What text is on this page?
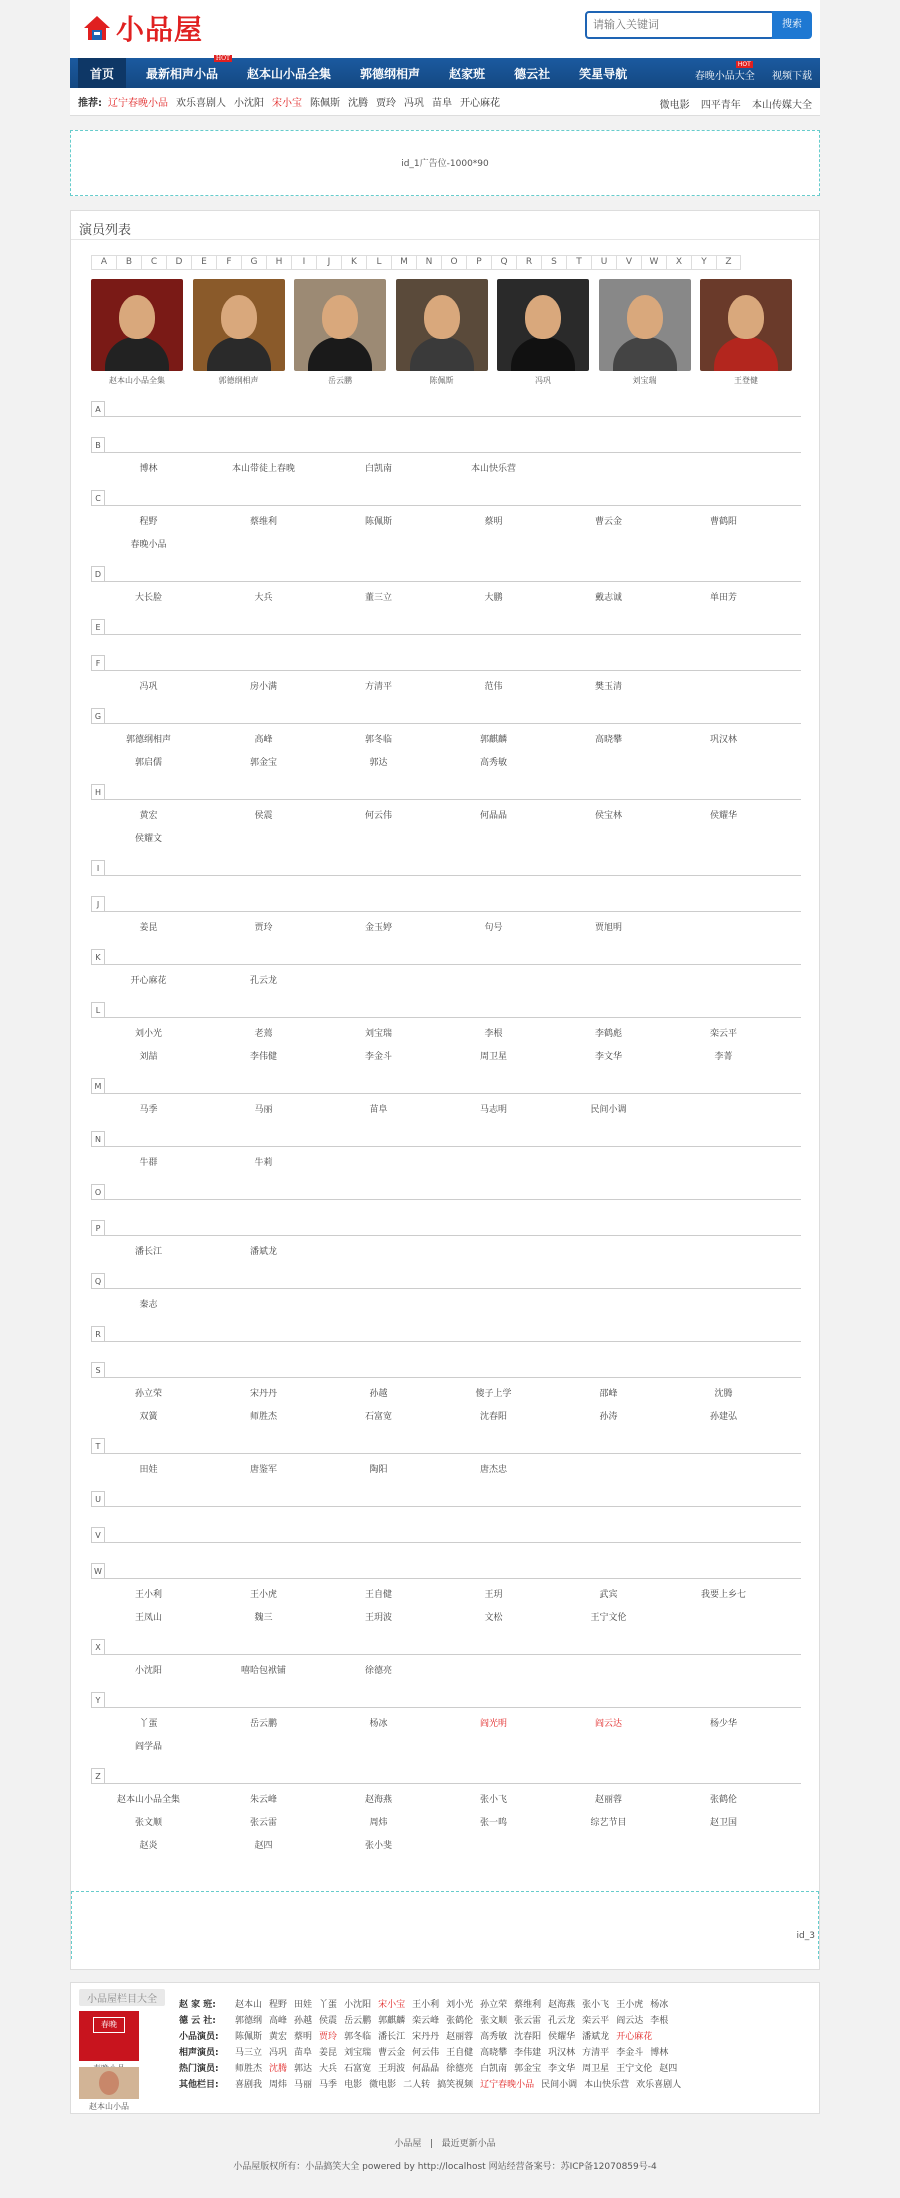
小品屋
请输入关键词	搜索
首页	最新相声小品
HOT
赵本山小品全集 郭德纲相声 赵家班 德云社 笑星导航	春晚小品大全
HOT
视频下载
推荐: 辽宁春晚小品 欢乐喜剧人 小沈阳 宋小宝 陈佩斯 沈腾 贾玲 冯巩 苗阜 开心麻花	微电影 四平青年 本山传媒大全
id_1广告位-1000*90
演员列表
A	B	C	D	E	F	G	H	I	J	K	L	M	N	O	P	Q	R	S	T	U	V	W	X	Y	Z
赵本山小品全集	郭德纲相声	岳云鹏	陈佩斯	冯巩	刘宝瑞	王登健
A
B
博林	本山带徒上春晚	白凯南	本山快乐营
C
程野	蔡维利	陈佩斯	蔡明	曹云金	曹鹤阳
春晚小品
D
大长脸	大兵	董三立	大鹏	戴志诚	单田芳
E
F
冯巩	房小满	方清平	范伟	樊玉清
G
郭德纲相声	高峰	郭冬临	郭麒麟	高晓攀	巩汉林
郭启儒	郭金宝	郭达	高秀敏
H
黄宏	侯震	何云伟	何晶晶	侯宝林	侯耀华
侯耀文
I
J
姜昆	贾玲	金玉婷	句号	贾旭明
K
开心麻花	孔云龙
L
刘小光	老蔫	刘宝瑞	李根	李鹤彪	栾云平
刘喆	李伟健	李金斗	周卫星	李文华	李菁
M
马季	马丽	苗阜	马志明	民间小调
N
牛群	牛莉
O
P
潘长江	潘斌龙
Q
秦志
R
S
孙立荣	宋丹丹	孙越	傻子上学	邵峰	沈腾
双簧	师胜杰	石富宽	沈春阳	孙涛	孙建弘
T
田娃	唐鉴军	陶阳	唐杰忠
U
V
W
王小利	王小虎	王自健	王玥	武宾	我要上乡七
王凤山	魏三	王玥波	文松	王宁文伦
X
小沈阳	嘻哈包袱铺	徐德亮
Y
丫蛋	岳云鹏	杨冰	阎光明	阎云达	杨少华
阎学晶
Z
赵本山小品全集	朱云峰	赵海燕	张小飞	赵丽蓉	张鹤伦
张文顺	张云雷	周炜	张一鸣	综艺节目	赵卫国
赵炎	赵四	张小斐
id_3
小品屋栏目大全
春晚
赵本山小品
赵 家 班:	赵本山 程野 田娃 丫蛋 小沈阳 宋小宝 王小利 刘小光 孙立荣 蔡维利 赵海燕 张小飞 王小虎 杨冰
德 云 社:	郭德纲 高峰 孙越 侯震 岳云鹏 郭麒麟 栾云峰 张鹤伦 张文顺 张云雷 孔云龙 栾云平 阎云达 李根
小品演员:	陈佩斯 黄宏 蔡明 贾玲 郭冬临 潘长江 宋丹丹 赵丽蓉 高秀敏 沈春阳 侯耀华 潘斌龙 开心麻花
相声演员:	马三立 冯巩 苗阜 姜昆 刘宝瑞 曹云金 何云伟 王自健 高晓攀 李伟建 巩汉林 方清平 李金斗 博林
热门演员:	师胜杰 沈腾 郭达 大兵 石富宽 王玥波 何晶晶 徐德亮 白凯南 郭金宝 李文华 周卫星 王宁文伦 赵四
其他栏目:	喜剧我 周炜 马丽 马季 电影 微电影 二人转 搞笑视频 辽宁春晚小品 民间小调 本山快乐营 欢乐喜剧人
小品屋 | 最近更新小品
小品屋版权所有：小品搞笑大全 powered by http://localhost 网站经营备案号：苏ICP备12070859号-4
